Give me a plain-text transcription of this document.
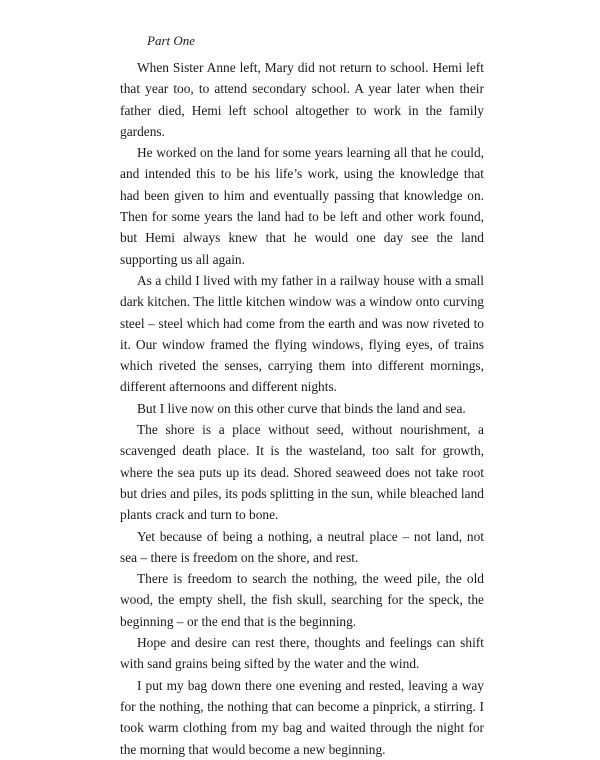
Part One

When Sister Anne left, Mary did not return to school. Hemi left that year too, to attend secondary school. A year later when their father died, Hemi left school altogether to work in the family gardens.

He worked on the land for some years learning all that he could, and intended this to be his life’s work, using the knowledge that had been given to him and eventually passing that knowledge on. Then for some years the land had to be left and other work found, but Hemi always knew that he would one day see the land supporting us all again.

As a child I lived with my father in a railway house with a small dark kitchen. The little kitchen window was a window onto curving steel – steel which had come from the earth and was now riveted to it. Our window framed the flying windows, flying eyes, of trains which riveted the senses, carrying them into different mornings, different afternoons and different nights.

But I live now on this other curve that binds the land and sea.

The shore is a place without seed, without nourishment, a scavenged death place. It is the wasteland, too salt for growth, where the sea puts up its dead. Shored seaweed does not take root but dries and piles, its pods splitting in the sun, while bleached land plants crack and turn to bone.

Yet because of being a nothing, a neutral place – not land, not sea – there is freedom on the shore, and rest.

There is freedom to search the nothing, the weed pile, the old wood, the empty shell, the fish skull, searching for the speck, the beginning – or the end that is the beginning.

Hope and desire can rest there, thoughts and feelings can shift with sand grains being sifted by the water and the wind.

I put my bag down there one evening and rested, leaving a way for the nothing, the nothing that can become a pinprick, a stirring. I took warm clothing from my bag and waited through the night for the morning that would become a new beginning.
